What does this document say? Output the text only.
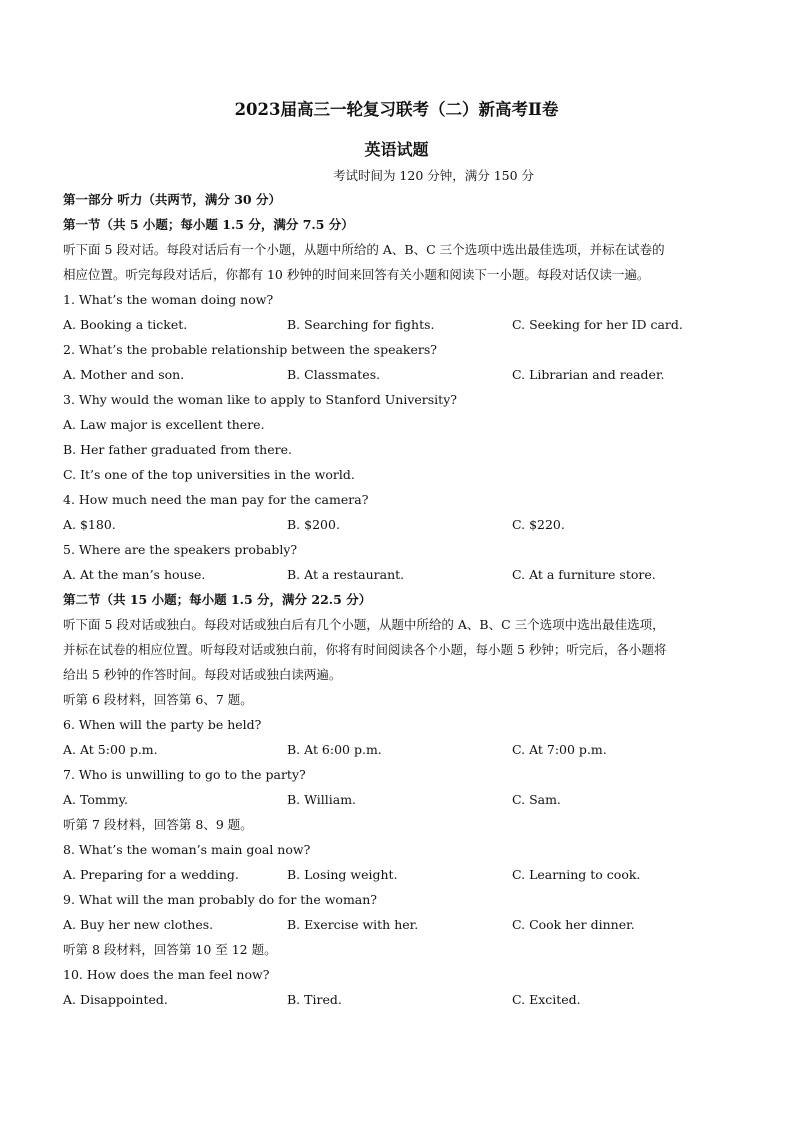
2023届高三一轮复习联考（二）新高考Ⅱ卷
英语试题
考试时间为 120 分钟，满分 150 分
第一部分 听力（共两节，满分 30 分）
第一节（共 5 小题；每小题 1.5 分，满分 7.5 分）
听下面 5 段对话。每段对话后有一个小题，从题中所给的 A、B、C 三个选项中选出最佳选项，并标在试卷的
相应位置。听完每段对话后，你都有 10 秒钟的时间来回答有关小题和阅读下一小题。每段对话仅读一遍。
1. What’s the woman doing now?
A. Booking a ticket.	B. Searching for fights.	C. Seeking for her ID card.
2. What’s the probable relationship between the speakers?
A. Mother and son.	B. Classmates.	C. Librarian and reader.
3. Why would the woman like to apply to Stanford University?
A. Law major is excellent there.
B. Her father graduated from there.
C. It’s one of the top universities in the world.
4. How much need the man pay for the camera?
A. $180.	B. $200.	C. $220.
5. Where are the speakers probably?
A. At the man’s house.	B. At a restaurant.	C. At a furniture store.
第二节（共 15 小题；每小题 1.5 分，满分 22.5 分）
听下面 5 段对话或独白。每段对话或独白后有几个小题，从题中所给的 A、B、C 三个选项中选出最佳选项，
并标在试卷的相应位置。听每段对话或独白前，你将有时间阅读各个小题，每小题 5 秒钟；听完后，各小题将
给出 5 秒钟的作答时间。每段对话或独白读两遍。
听第 6 段材料，回答第 6、7 题。
6. When will the party be held?
A. At 5:00 p.m.	B. At 6:00 p.m.	C. At 7:00 p.m.
7. Who is unwilling to go to the party?
A. Tommy.	B. William.	C. Sam.
听第 7 段材料，回答第 8、9 题。
8. What’s the woman’s main goal now?
A. Preparing for a wedding.	B. Losing weight.	C. Learning to cook.
9. What will the man probably do for the woman?
A. Buy her new clothes.	B. Exercise with her.	C. Cook her dinner.
听第 8 段材料，回答第 10 至 12 题。
10. How does the man feel now?
A. Disappointed.	B. Tired.	C. Excited.
